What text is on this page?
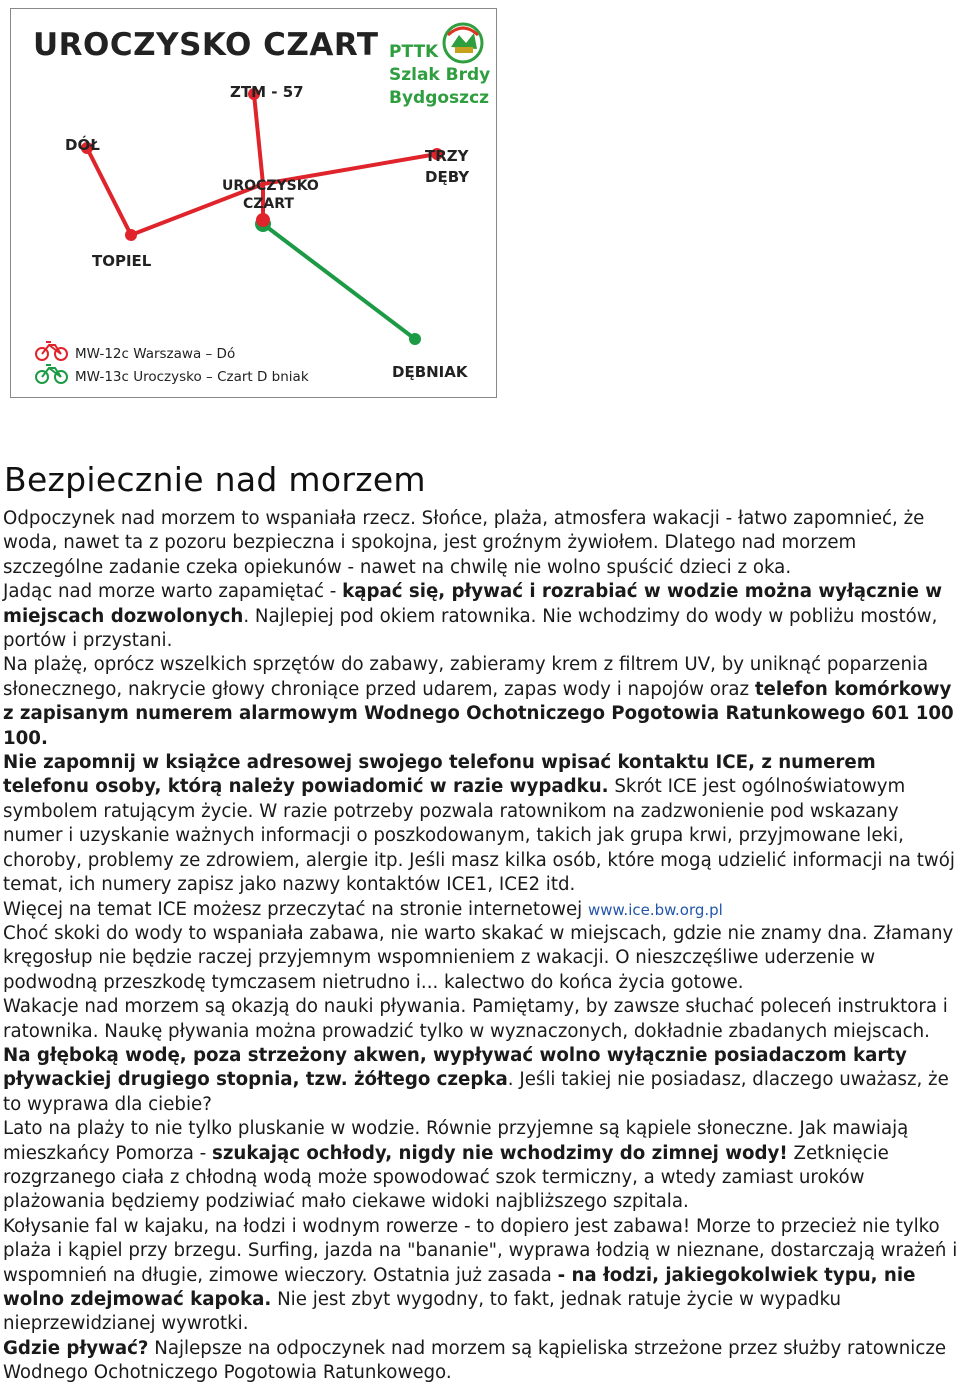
UROCZYSKO CZART PTTK
Szlak Brdy
Bydgoszcz
ZTM - 57
DÓŁ
UROCZYSKO
CZART
TOPIEL
TRZY
DĘBY
DĘBNIAK
MW-12c Warszawa – Dó
MW-13c Uroczysko – Czart D bniak
Bezpiecznie nad morzem

Odpoczynek nad morzem to wspaniała rzecz. Słońce, plaża, atmosfera wakacji - łatwo zapomnieć, że woda, nawet ta z pozoru bezpieczna i spokojna, jest groźnym żywiołem. Dlatego nad morzem szczególne zadanie czeka opiekunów - nawet na chwilę nie wolno spuścić dzieci z oka.

Jadąc nad morze warto zapamiętać - kąpać się, pływać i rozrabiać w wodzie można wyłącznie w miejscach dozwolonych. Najlepiej pod okiem ratownika. Nie wchodzimy do wody w pobliżu mostów, portów i przystani.

Na plażę, oprócz wszelkich sprzętów do zabawy, zabieramy krem z filtrem UV, by uniknąć poparzenia słonecznego, nakrycie głowy chroniące przed udarem, zapas wody i napojów oraz telefon komórkowy z zapisanym numerem alarmowym Wodnego Ochotniczego Pogotowia Ratunkowego 601 100 100.

Nie zapomnij w książce adresowej swojego telefonu wpisać kontaktu ICE, z numerem telefonu osoby, którą należy powiadomić w razie wypadku. Skrót ICE jest ogólnoświatowym symbolem ratującym życie. W razie potrzeby pozwala ratownikom na zadzwonienie pod wskazany numer i uzyskanie ważnych informacji o poszkodowanym, takich jak grupa krwi, przyjmowane leki, choroby, problemy ze zdrowiem, alergie itp. Jeśli masz kilka osób, które mogą udzielić informacji na twój temat, ich numery zapisz jako nazwy kontaktów ICE1, ICE2 itd.

Więcej na temat ICE możesz przeczytać na stronie internetowej www.ice.bw.org.pl

Choć skoki do wody to wspaniała zabawa, nie warto skakać w miejscach, gdzie nie znamy dna. Złamany kręgosłup nie będzie raczej przyjemnym wspomnieniem z wakacji. O nieszczęśliwe uderzenie w podwodną przeszkodę tymczasem nietrudno i... kalectwo do końca życia gotowe.

Wakacje nad morzem są okazją do nauki pływania. Pamiętamy, by zawsze słuchać poleceń instruktora i ratownika. Naukę pływania można prowadzić tylko w wyznaczonych, dokładnie zbadanych miejscach. Na głęboką wodę, poza strzeżony akwen, wypływać wolno wyłącznie posiadaczom karty pływackiej drugiego stopnia, tzw. żółtego czepka. Jeśli takiej nie posiadasz, dlaczego uważasz, że to wyprawa dla ciebie?

Lato na plaży to nie tylko pluskanie w wodzie. Równie przyjemne są kąpiele słoneczne. Jak mawiają mieszkańcy Pomorza - szukając ochłody, nigdy nie wchodzimy do zimnej wody! Zetknięcie rozgrzanego ciała z chłodną wodą może spowodować szok termiczny, a wtedy zamiast uroków plażowania będziemy podziwiać mało ciekawe widoki najbliższego szpitala.

Kołysanie fal w kajaku, na łodzi i wodnym rowerze - to dopiero jest zabawa! Morze to przecież nie tylko plaża i kąpiel przy brzegu. Surfing, jazda na "bananie", wyprawa łodzią w nieznane, dostarczają wrażeń i wspomnień na długie, zimowe wieczory. Ostatnia już zasada - na łodzi, jakiegokolwiek typu, nie wolno zdejmować kapoka. Nie jest zbyt wygodny, to fakt, jednak ratuje życie w wypadku nieprzewidzianej wywrotki.

Gdzie pływać? Najlepsze na odpoczynek nad morzem są kąpieliska strzeżone przez służby ratownicze Wodnego Ochotniczego Pogotowia Ratunkowego.
